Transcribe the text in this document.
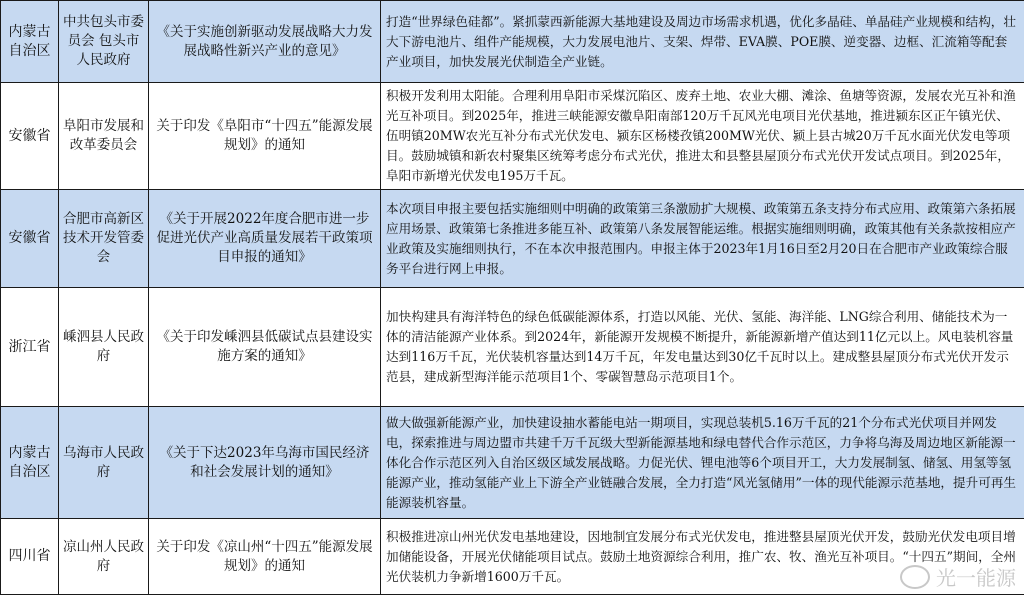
内蒙古自治区	中共包头市委员会 包头市人民政府	《关于实施创新驱动发展战略大力发展战略性新兴产业的意见》	打造“世界绿色硅都”。紧抓蒙西新能源大基地建设及周边市场需求机遇，优化多晶硅、单晶硅产业规模和结构，壮大下游电池片、组件产能规模，大力发展电池片、支架、焊带、EVA膜、POE膜、逆变器、边框、汇流箱等配套产业项目，加快发展光伏制造全产业链。
安徽省	阜阳市发展和改革委员会	关于印发《阜阳市“十四五”能源发展规划》的通知	积极开发利用太阳能。合理利用阜阳市采煤沉陷区、废弃土地、农业大棚、滩涂、鱼塘等资源，发展农光互补和渔光互补项目。到2025年，推进三峡能源安徽阜阳南部120万千瓦风光电项目光伏基地，推进颍东区正午镇光伏、伍明镇20MW农光互补分布式光伏发电、颍东区杨楼孜镇200MW光伏、颍上县古城20万千瓦水面光伏发电等项目。鼓励城镇和新农村聚集区统筹考虑分布式光伏，推进太和县整县屋顶分布式光伏开发试点项目。到2025年，阜阳市新增光伏发电195万千瓦。
安徽省	合肥市高新区技术开发管委会	《关于开展2022年度合肥市进一步促进光伏产业高质量发展若干政策项目申报的通知》	本次项目申报主要包括实施细则中明确的政策第三条激励扩大规模、政策第五条支持分布式应用、政策第六条拓展应用场景、政策第七条推进多能互补、政策第八条发展智能运维。根据实施细则明确，政策其他有关条款按相应产业政策及实施细则执行，不在本次申报范围内。申报主体于2023年1月16日至2月20日在合肥市产业政策综合服务平台进行网上申报。
浙江省	嵊泗县人民政府	《关于印发嵊泗县低碳试点县建设实施方案的通知》	加快构建具有海洋特色的绿色低碳能源体系，打造以风能、光伏、氢能、海洋能、LNG综合利用、储能技术为一体的清洁能源产业体系。到2024年，新能源开发规模不断提升，新能源新增产值达到11亿元以上。风电装机容量达到116万千瓦，光伏装机容量达到14万千瓦，年发电量达到30亿千瓦时以上。建成整县屋顶分布式光伏开发示范县，建成新型海洋能示范项目1个、零碳智慧岛示范项目1个。
内蒙古自治区	乌海市人民政府	《关于下达2023年乌海市国民经济和社会发展计划的通知》	做大做强新能源产业，加快建设抽水蓄能电站一期项目，实现总装机5.16万千瓦的21个分布式光伏项目并网发电，探索推进与周边盟市共建千万千瓦级大型新能源基地和绿电替代合作示范区，力争将乌海及周边地区新能源一体化合作示范区列入自治区级区域发展战略。力促光伏、锂电池等6个项目开工，大力发展制氢、储氢、用氢等氢能源产业，推动氢能产业上下游全产业链融合发展，全力打造“风光氢储用”一体的现代能源示范基地，提升可再生能源装机容量。
四川省	凉山州人民政府	关于印发《凉山州“十四五”能源发展规划》的通知	积极推进凉山州光伏发电基地建设，因地制宜发展分布式光伏发电，推进整县屋顶光伏开发，鼓励光伏发电项目增加储能设备，开展光伏储能项目试点。鼓励土地资源综合利用，推广农、牧、渔光互补项目。“十四五”期间，全州光伏装机力争新增1600万千瓦。	光一能源
